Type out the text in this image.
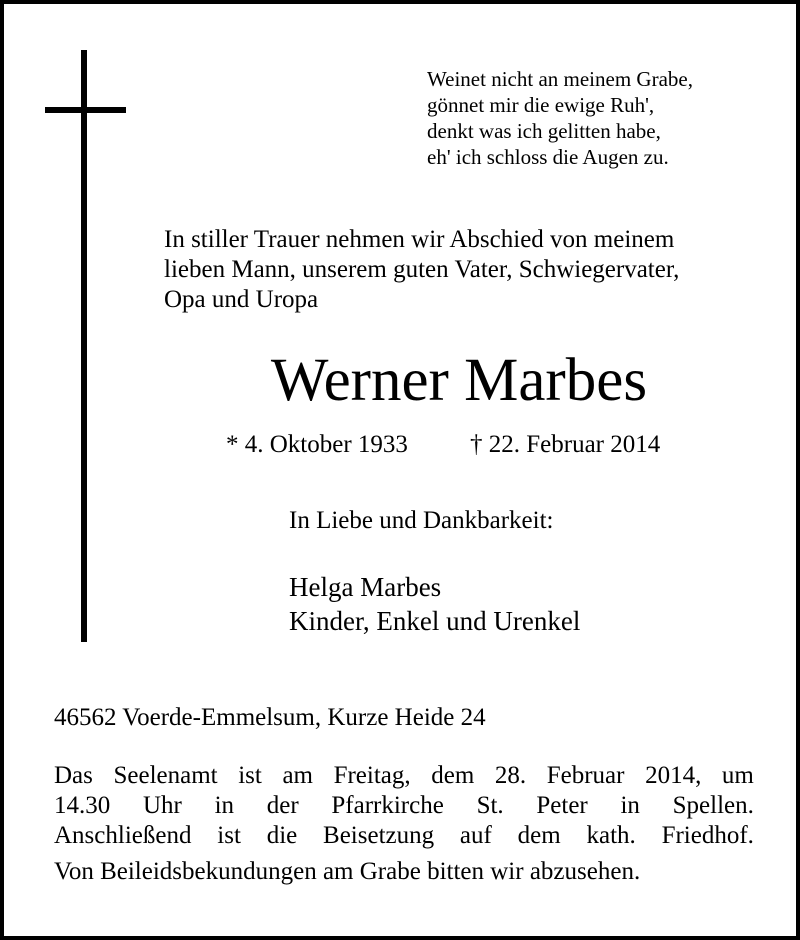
Weinet nicht an meinem Grabe,
gönnet mir die ewige Ruh',
denkt was ich gelitten habe,
eh' ich schloss die Augen zu.
In stiller Trauer nehmen wir Abschied von meinem
lieben Mann, unserem guten Vater, Schwiegervater,
Opa und Uropa
Werner Marbes
* 4. Oktober 1933 † 22. Februar 2014
In Liebe und Dankbarkeit:
Helga Marbes
Kinder, Enkel und Urenkel
46562 Voerde-Emmelsum, Kurze Heide 24
Das Seelenamt ist am Freitag, dem 28. Februar 2014, um
14.30 Uhr in der Pfarrkirche St. Peter in Spellen.
Anschließend ist die Beisetzung auf dem kath. Friedhof.
Von Beileidsbekundungen am Grabe bitten wir abzusehen.
